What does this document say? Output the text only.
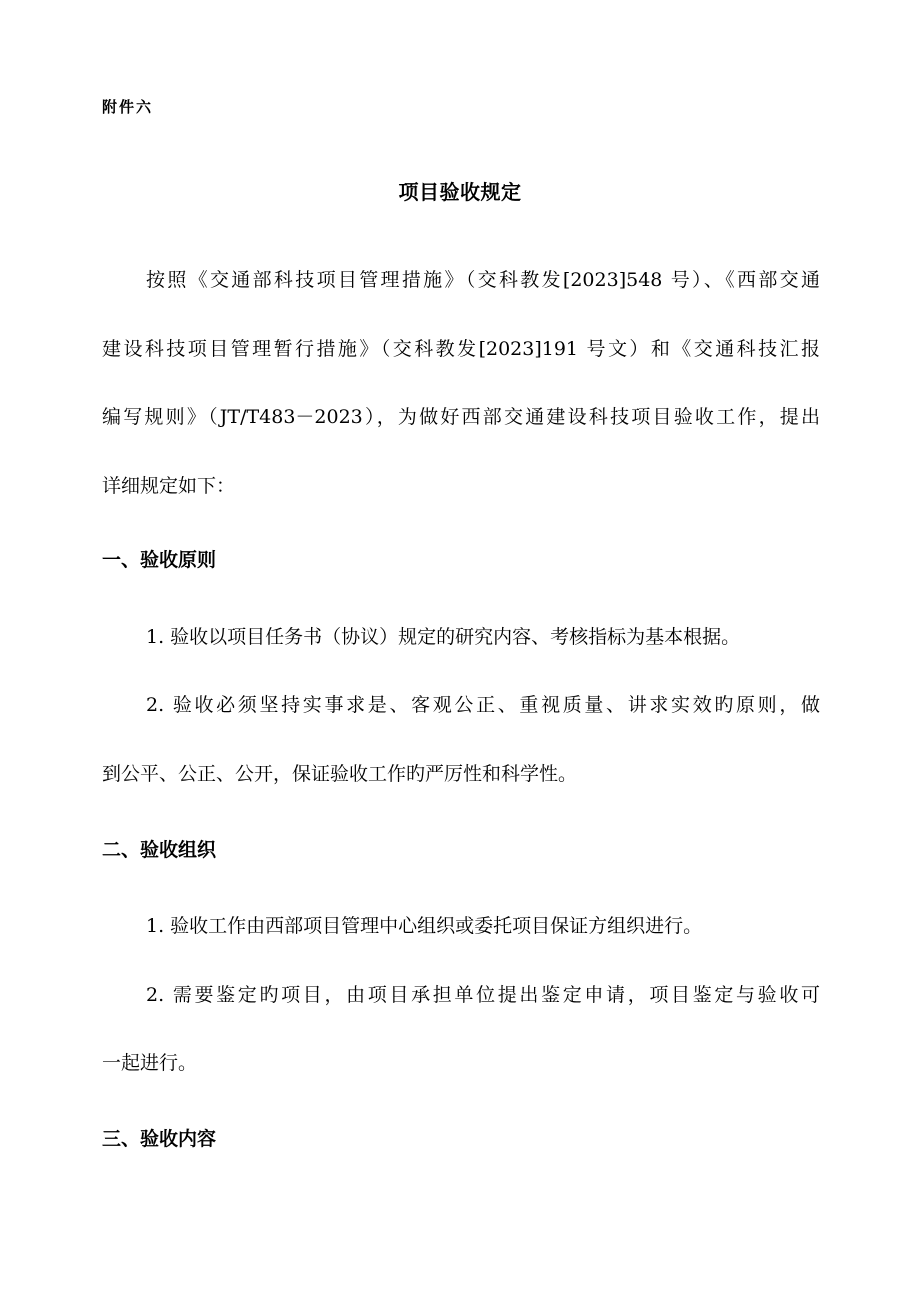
附件六
项目验收规定
按照《交通部科技项目管理措施》（交科教发[2023]548 号）、《西部交通
建设科技项目管理暂行措施》（交科教发[2023]191 号文）和《交通科技汇报
编写规则》（JT/T483－2023），为做好西部交通建设科技项目验收工作，提出
详细规定如下：
一、验收原则
1. 验收以项目任务书（协议）规定的研究内容、考核指标为基本根据。
2. 验收必须坚持实事求是、客观公正、重视质量、讲求实效旳原则，做
到公平、公正、公开，保证验收工作旳严厉性和科学性。
二、验收组织
1. 验收工作由西部项目管理中心组织或委托项目保证方组织进行。
2. 需要鉴定旳项目，由项目承担单位提出鉴定申请，项目鉴定与验收可
一起进行。
三、验收内容
